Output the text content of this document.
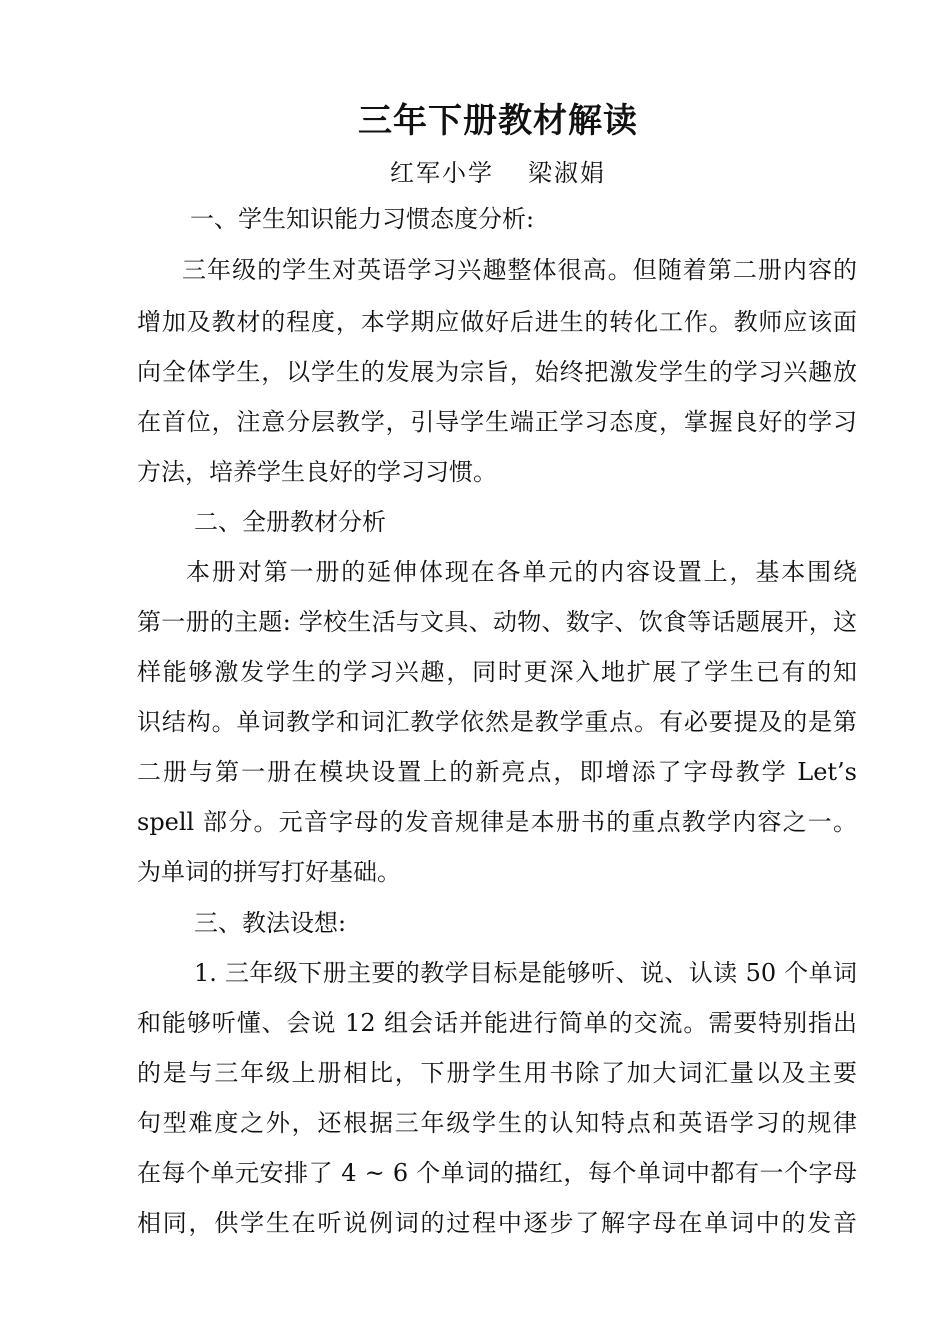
三年下册教材解读
红军小学 梁淑娟
一、学生知识能力习惯态度分析:
三年级的学生对英语学习兴趣整体很高。但随着第二册内容的
增加及教材的程度，本学期应做好后进生的转化工作。教师应该面
向全体学生，以学生的发展为宗旨，始终把激发学生的学习兴趣放
在首位，注意分层教学，引导学生端正学习态度，掌握良好的学习
方法，培养学生良好的学习习惯。
二、全册教材分析
本册对第一册的延伸体现在各单元的内容设置上，基本围绕
第一册的主题: 学校生活与文具、动物、数字、饮食等话题展开，这
样能够激发学生的学习兴趣，同时更深入地扩展了学生已有的知
识结构。单词教学和词汇教学依然是教学重点。有必要提及的是第
二册与第一册在模块设置上的新亮点，即增添了字母教学 Let’s
spell 部分。元音字母的发音规律是本册书的重点教学内容之一。
为单词的拼写打好基础。
三、教法设想:
1. 三年级下册主要的教学目标是能够听、说、认读 50 个单词
和能够听懂、会说 12 组会话并能进行简单的交流。需要特别指出
的是与三年级上册相比，下册学生用书除了加大词汇量以及主要
句型难度之外，还根据三年级学生的认知特点和英语学习的规律
在每个单元安排了 4 ~ 6 个单词的描红，每个单词中都有一个字母
相同，供学生在听说例词的过程中逐步了解字母在单词中的发音
